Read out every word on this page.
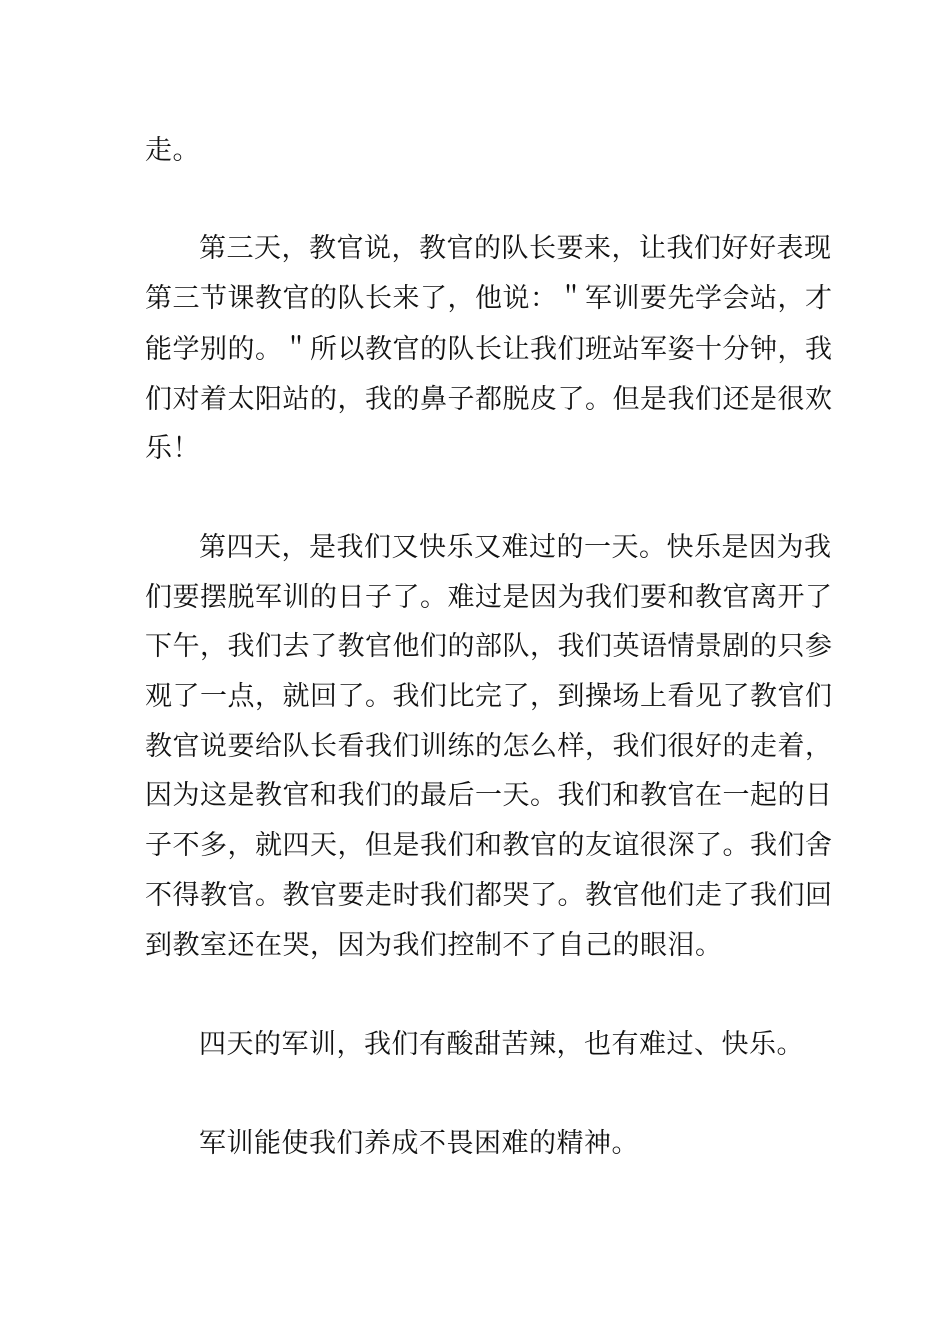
走。
第三天，教官说，教官的队长要来，让我们好好表现
第三节课教官的队长来了，他说：＂军训要先学会站，才
能学别的。＂所以教官的队长让我们班站军姿十分钟，我
们对着太阳站的，我的鼻子都脱皮了。但是我们还是很欢
乐！
第四天，是我们又快乐又难过的一天。快乐是因为我
们要摆脱军训的日子了。难过是因为我们要和教官离开了
下午，我们去了教官他们的部队，我们英语情景剧的只参
观了一点，就回了。我们比完了，到操场上看见了教官们
教官说要给队长看我们训练的怎么样，我们很好的走着，
因为这是教官和我们的最后一天。我们和教官在一起的日
子不多，就四天，但是我们和教官的友谊很深了。我们舍
不得教官。教官要走时我们都哭了。教官他们走了我们回
到教室还在哭，因为我们控制不了自己的眼泪。
四天的军训，我们有酸甜苦辣，也有难过、快乐。
军训能使我们养成不畏困难的精神。
